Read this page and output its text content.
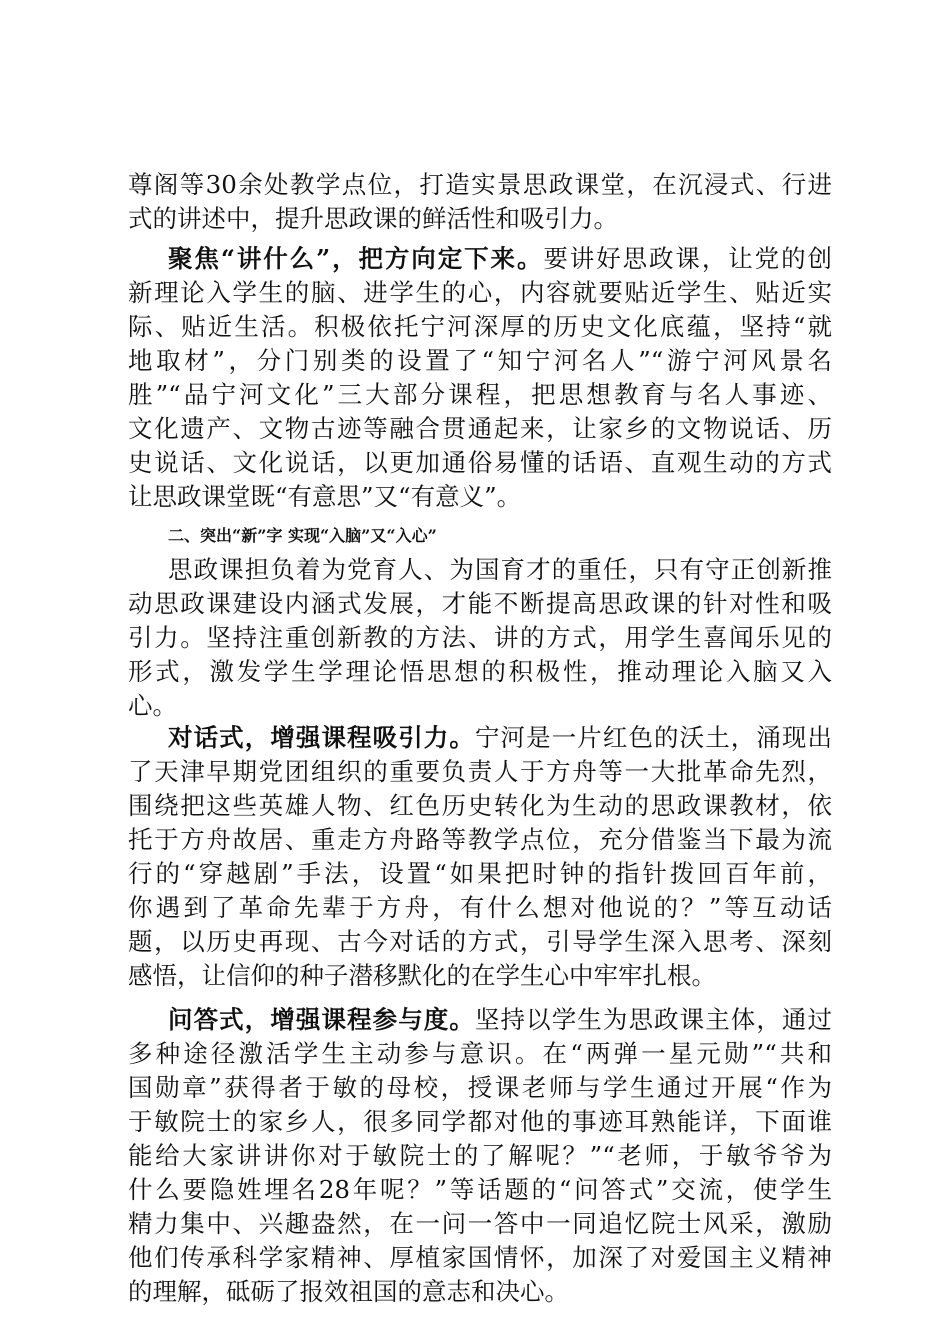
尊阁等30余处教学点位，打造实景思政课堂，在沉浸式、行进

式的讲述中，提升思政课的鲜活性和吸引力。

聚焦“讲什么”，把方向定下来。要讲好思政课，让党的创

新理论入学生的脑、进学生的心，内容就要贴近学生、贴近实

际、贴近生活。积极依托宁河深厚的历史文化底蕴，坚持“就

地取材”，分门别类的设置了“知宁河名人”“游宁河风景名

胜”“品宁河文化”三大部分课程，把思想教育与名人事迹、

文化遗产、文物古迹等融合贯通起来，让家乡的文物说话、历

史说话、文化说话，以更加通俗易懂的话语、直观生动的方式

让思政课堂既“有意思”又“有意义”。

二、突出“新”字 实现“入脑”又“入心”

思政课担负着为党育人、为国育才的重任，只有守正创新推

动思政课建设内涵式发展，才能不断提高思政课的针对性和吸

引力。坚持注重创新教的方法、讲的方式，用学生喜闻乐见的

形式，激发学生学理论悟思想的积极性，推动理论入脑又入

心。

对话式，增强课程吸引力。宁河是一片红色的沃土，涌现出

了天津早期党团组织的重要负责人于方舟等一大批革命先烈，

围绕把这些英雄人物、红色历史转化为生动的思政课教材，依

托于方舟故居、重走方舟路等教学点位，充分借鉴当下最为流

行的“穿越剧”手法，设置“如果把时钟的指针拨回百年前，

你遇到了革命先辈于方舟，有什么想对他说的？”等互动话

题，以历史再现、古今对话的方式，引导学生深入思考、深刻

感悟，让信仰的种子潜移默化的在学生心中牢牢扎根。

问答式，增强课程参与度。坚持以学生为思政课主体，通过

多种途径激活学生主动参与意识。在“两弹一星元勋”“共和

国勋章”获得者于敏的母校，授课老师与学生通过开展“作为

于敏院士的家乡人，很多同学都对他的事迹耳熟能详，下面谁

能给大家讲讲你对于敏院士的了解呢？”“老师，于敏爷爷为

什么要隐姓埋名28年呢？”等话题的“问答式”交流，使学生

精力集中、兴趣盎然，在一问一答中一同追忆院士风采，激励

他们传承科学家精神、厚植家国情怀，加深了对爱国主义精神

的理解，砥砺了报效祖国的意志和决心。
